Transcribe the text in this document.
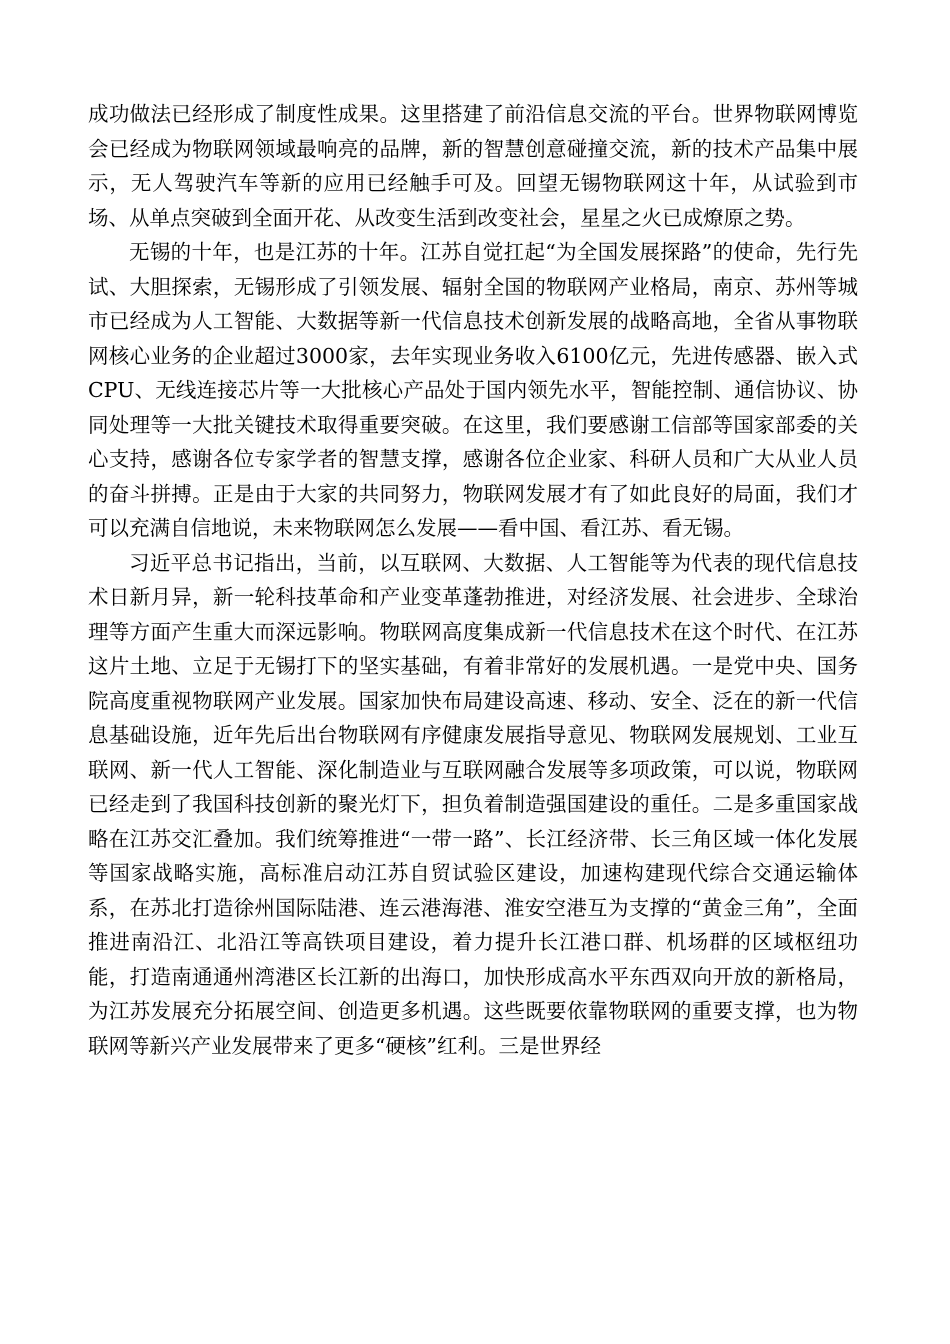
成功做法已经形成了制度性成果。这里搭建了前沿信息交流的平台。世界物联网博览会已经成为物联网领域最响亮的品牌，新的智慧创意碰撞交流，新的技术产品集中展示，无人驾驶汽车等新的应用已经触手可及。回望无锡物联网这十年，从试验到市场、从单点突破到全面开花、从改变生活到改变社会，星星之火已成燎原之势。

无锡的十年，也是江苏的十年。江苏自觉扛起“为全国发展探路”的使命，先行先试、大胆探索，无锡形成了引领发展、辐射全国的物联网产业格局，南京、苏州等城市已经成为人工智能、大数据等新一代信息技术创新发展的战略高地，全省从事物联网核心业务的企业超过3000家，去年实现业务收入6100亿元，先进传感器、嵌入式CPU、无线连接芯片等一大批核心产品处于国内领先水平，智能控制、通信协议、协同处理等一大批关键技术取得重要突破。在这里，我们要感谢工信部等国家部委的关心支持，感谢各位专家学者的智慧支撑，感谢各位企业家、科研人员和广大从业人员的奋斗拼搏。正是由于大家的共同努力，物联网发展才有了如此良好的局面，我们才可以充满自信地说，未来物联网怎么发展——看中国、看江苏、看无锡。

习近平总书记指出，当前，以互联网、大数据、人工智能等为代表的现代信息技术日新月异，新一轮科技革命和产业变革蓬勃推进，对经济发展、社会进步、全球治理等方面产生重大而深远影响。物联网高度集成新一代信息技术在这个时代、在江苏这片土地、立足于无锡打下的坚实基础，有着非常好的发展机遇。一是党中央、国务院高度重视物联网产业发展。国家加快布局建设高速、移动、安全、泛在的新一代信息基础设施，近年先后出台物联网有序健康发展指导意见、物联网发展规划、工业互联网、新一代人工智能、深化制造业与互联网融合发展等多项政策，可以说，物联网已经走到了我国科技创新的聚光灯下，担负着制造强国建设的重任。二是多重国家战略在江苏交汇叠加。我们统筹推进“一带一路”、长江经济带、长三角区域一体化发展等国家战略实施，高标准启动江苏自贸试验区建设，加速构建现代综合交通运输体系，在苏北打造徐州国际陆港、连云港海港、淮安空港互为支撑的“黄金三角”，全面推进南沿江、北沿江等高铁项目建设，着力提升长江港口群、机场群的区域枢纽功能，打造南通通州湾港区长江新的出海口，加快形成高水平东西双向开放的新格局，为江苏发展充分拓展空间、创造更多机遇。这些既要依靠物联网的重要支撑，也为物联网等新兴产业发展带来了更多“硬核”红利。三是世界经
